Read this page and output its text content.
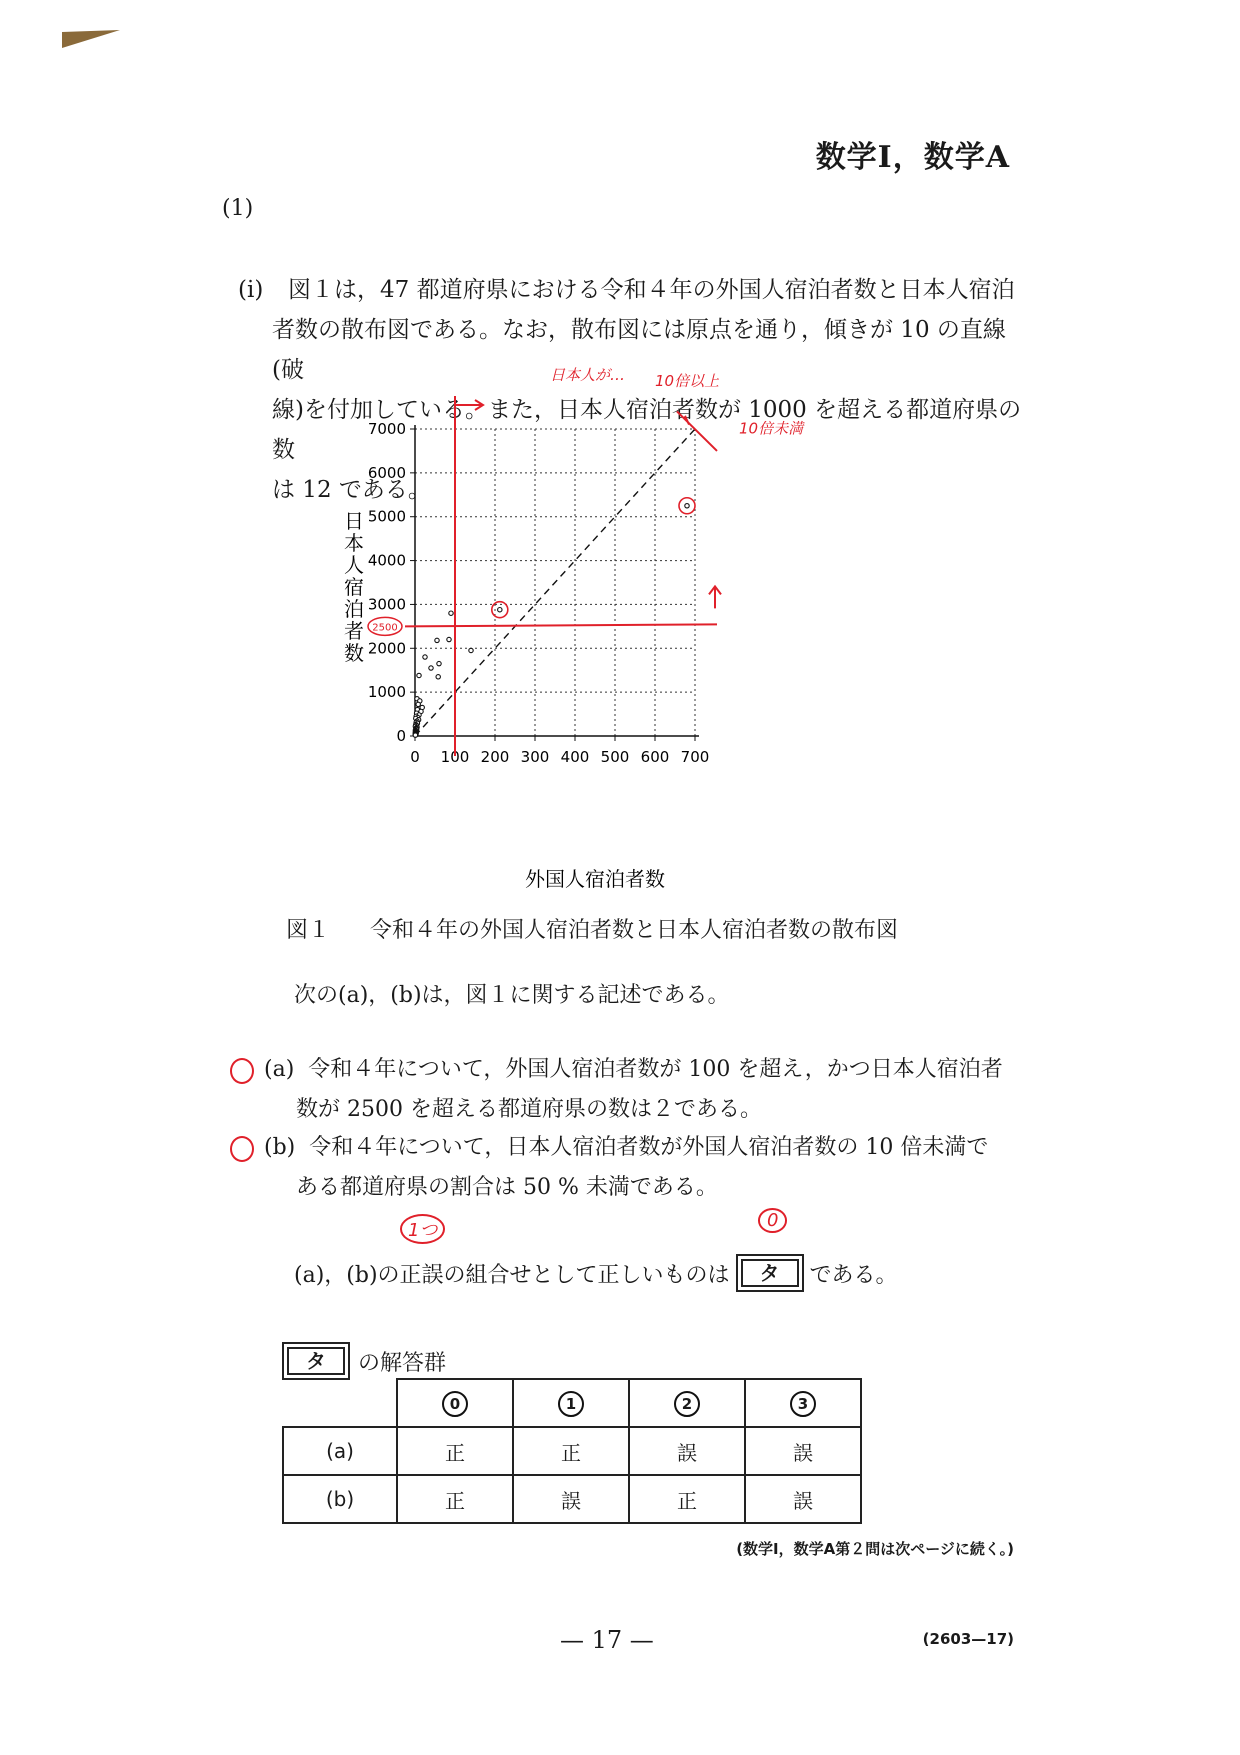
数学Ⅰ，数学A
(1)
(i)	図１は，47 都道府県における令和４年の外国人宿泊者数と日本人宿泊

者数の散布図である。なお，散布図には原点を通り，傾きが 10 の直線(破

線)を付加している。また，日本人宿泊者数が 1000 を超える都道府県の数

は 12 である。

0 100 200 300 400 500 600 700
0
1000
2000
3000
4000
5000
6000
7000
2500
日本人が… 10倍以上
10倍未満
外国人宿泊者数
日本人宿泊者数
図１ 令和４年の外国人宿泊者数と日本人宿泊者数の散布図
次の(a)，(b)は，図１に関する記述である。
(a) 令和４年について，外国人宿泊者数が 100 を超え，かつ日本人宿泊者
数が 2500 を超える都道府県の数は２である。
(b) 令和４年について，日本人宿泊者数が外国人宿泊者数の 10 倍未満で
ある都道府県の割合は 50 % 未満である。
1つ	0
(a)，(b)の正誤の組合せとして正しいものは	タ	である。
タ	の解答群
	0	1	2	3
(a)	正	正	誤	誤
(b)	正	誤	正	誤
(数学Ⅰ，数学A第２問は次ページに続く。)
— 17 —	(2603—17)
